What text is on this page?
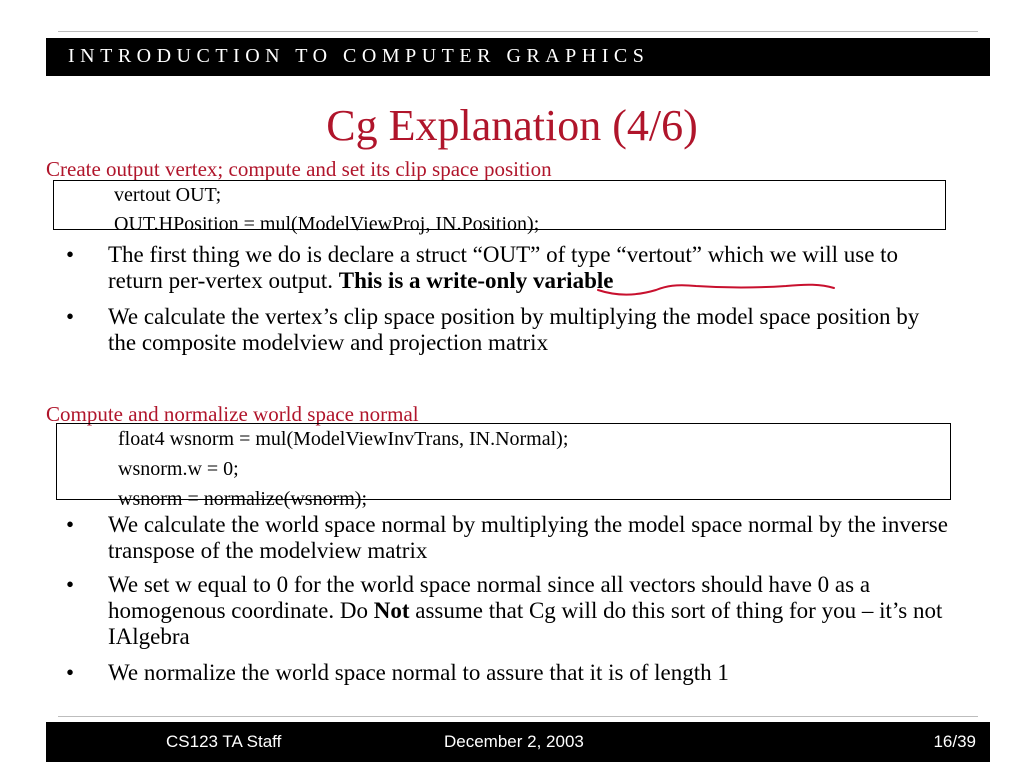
INTRODUCTION TO COMPUTER GRAPHICS
Cg Explanation (4/6)
Create output vertex; compute and set its clip space position
vertout OUT;
OUT.HPosition = mul(ModelViewProj, IN.Position);
• The first thing we do is declare a struct “OUT” of type “vertout” which we will use to return per-vertex output. This is a write-only variable
• We calculate the vertex’s clip space position by multiplying the model space position by the composite modelview and projection matrix
Compute and normalize world space normal
float4 wsnorm = mul(ModelViewInvTrans, IN.Normal);
wsnorm.w = 0;
wsnorm = normalize(wsnorm);
• We calculate the world space normal by multiplying the model space normal by the inverse transpose of the modelview matrix
• We set w equal to 0 for the world space normal since all vectors should have 0 as a homogenous coordinate. Do Not assume that Cg will do this sort of thing for you – it’s not IAlgebra
• We normalize the world space normal to assure that it is of length 1
CS123 TA Staff	December 2, 2003	16/39
